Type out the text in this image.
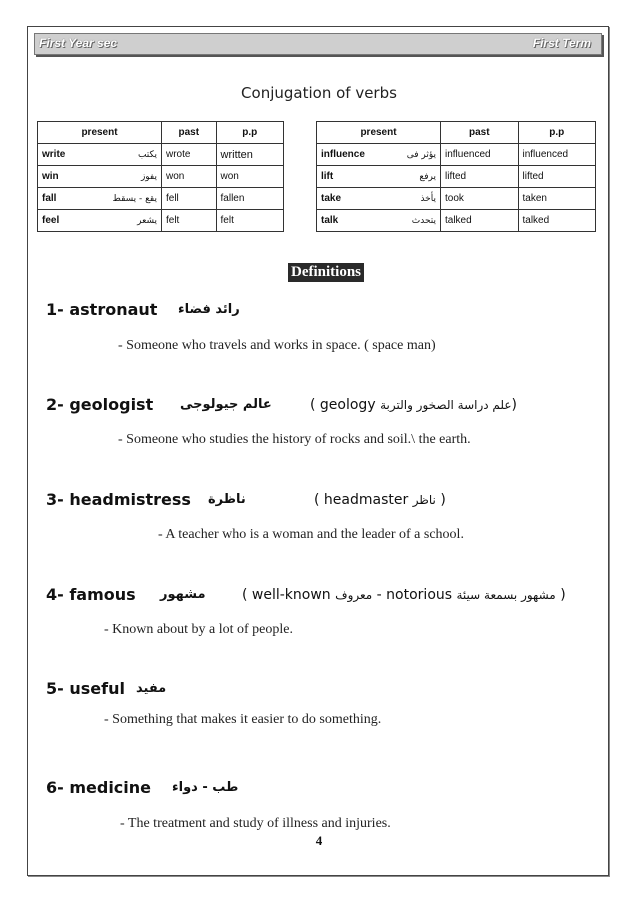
First Year sec	First Term
Conjugation of verbs
present		past	p.p
write	يكتب	wrote	written
win	يفوز	won	won
fall	يقع - يسقط	fell	fallen
feel	يشعر	felt	felt
present		past	p.p
influence	يؤثر فى	influenced	influenced
lift	يرفع	lifted	lifted
take	يأخذ	took	taken
talk	يتحدث	talked	talked
Definitions
1- astronaut رائد فضاء
- Someone who travels and works in space. ( space man)
2- geologist عالم جيولوجى	( geology علم دراسة الصخور والتربة)
- Someone who studies the history of rocks and soil.\ the earth.
3- headmistress ناظرة	( headmaster ناظر )
- A teacher who is a woman and the leader of a school.
4- famous مشهور	( well-known معروف - notorious مشهور بسمعة سيئة )
- Known about by a lot of people.
5- useful مفيد
- Something that makes it easier to do something.
6- medicine طب - دواء
- The treatment and study of illness and injuries.
4
